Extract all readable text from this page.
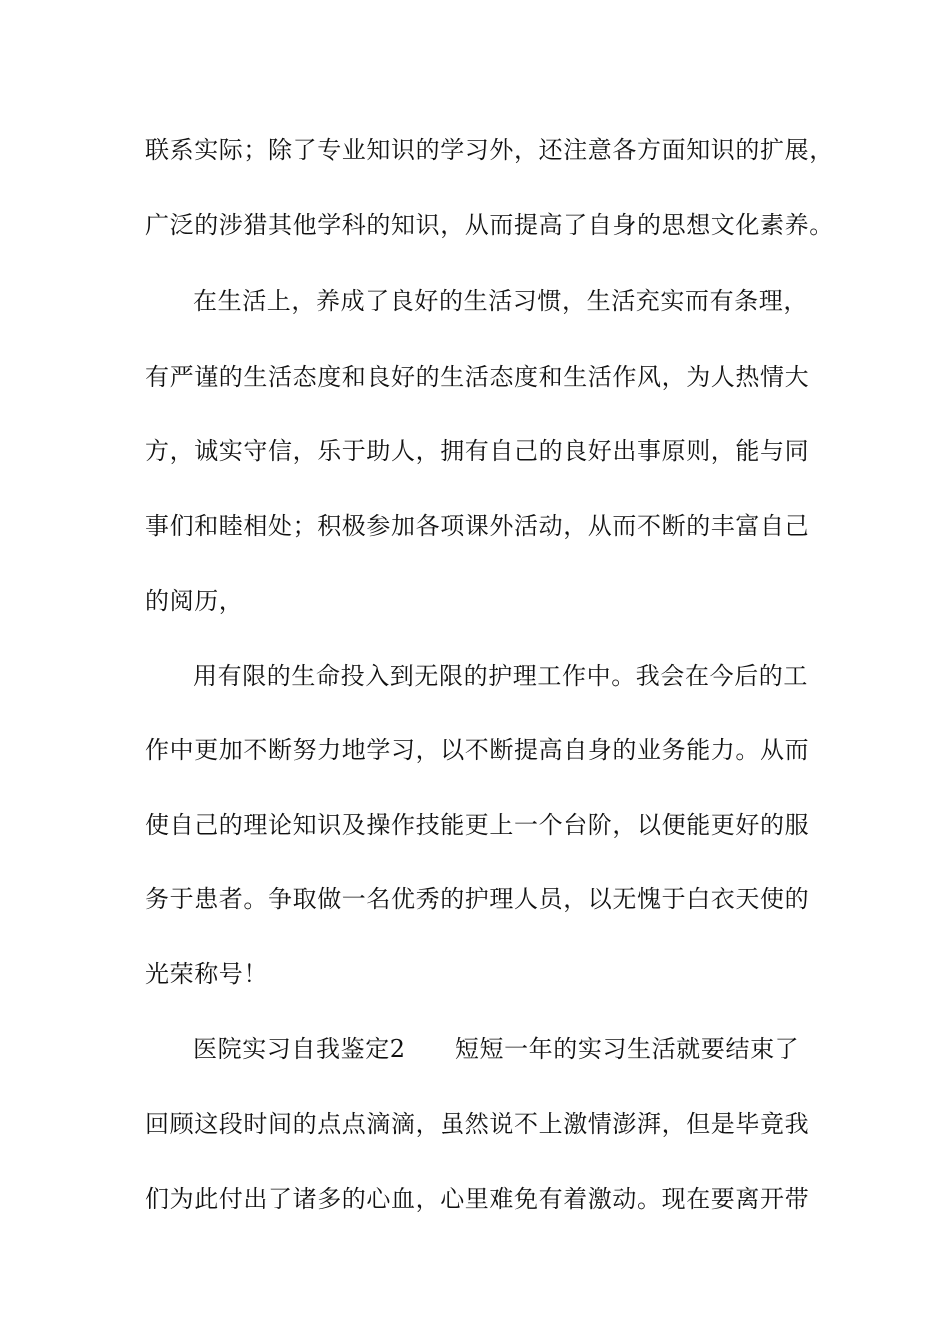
联系实际；除了专业知识的学习外，还注意各方面知识的扩展，
广泛的涉猎其他学科的知识，从而提高了自身的思想文化素养。
在生活上，养成了良好的生活习惯，生活充实而有条理，
有严谨的生活态度和良好的生活态度和生活作风，为人热情大
方，诚实守信，乐于助人，拥有自己的良好出事原则，能与同
事们和睦相处；积极参加各项课外活动，从而不断的丰富自己
的阅历，
用有限的生命投入到无限的护理工作中。我会在今后的工
作中更加不断努力地学习，以不断提高自身的业务能力。从而
使自己的理论知识及操作技能更上一个台阶，以便能更好的服
务于患者。争取做一名优秀的护理人员，以无愧于白衣天使的
光荣称号！
医院实习自我鉴定2　　短短一年的实习生活就要结束了
回顾这段时间的点点滴滴，虽然说不上激情澎湃，但是毕竟我
们为此付出了诸多的心血，心里难免有着激动。现在要离开带
